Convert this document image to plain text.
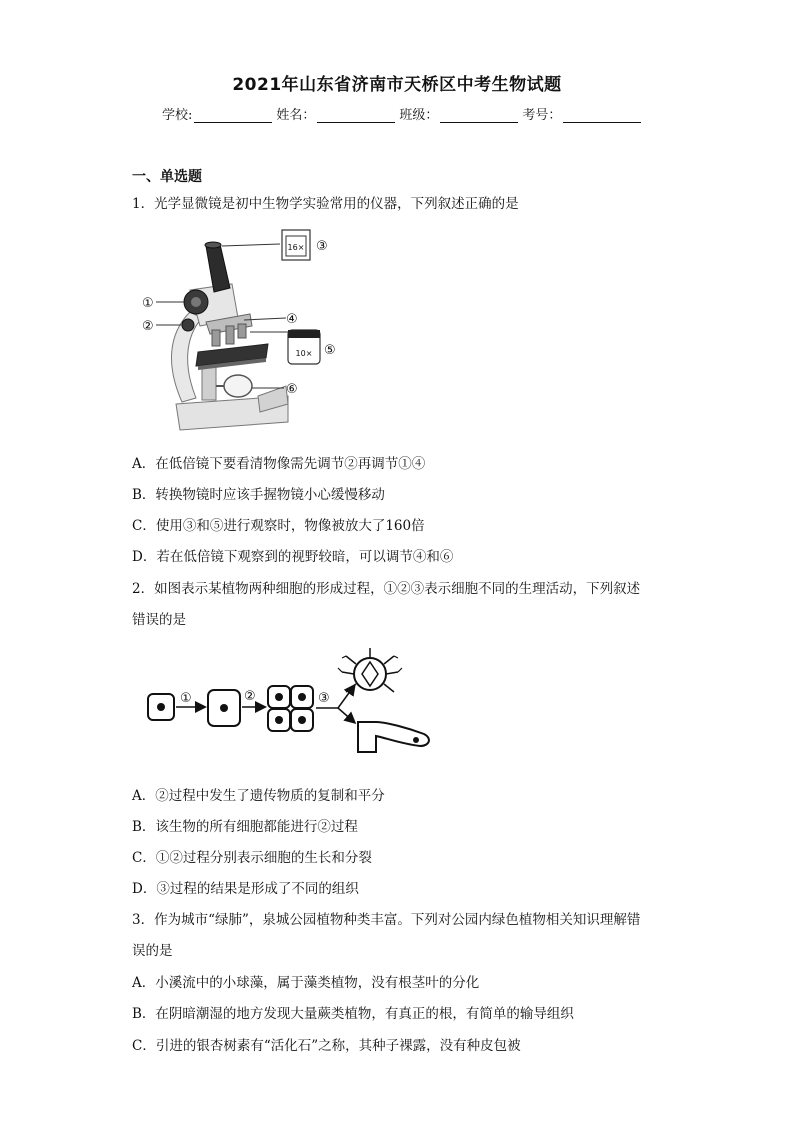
2021年山东省济南市天桥区中考生物试题
学校:	姓名：	班级：	考号：
一、单选题
1．光学显微镜是初中生物学实验常用的仪器，下列叙述正确的是
16×
10×
①
②
③
④
⑤
⑥
A．在低倍镜下要看清物像需先调节②再调节①④
B．转换物镜时应该手握物镜小心缓慢移动
C．使用③和⑤进行观察时，物像被放大了160倍
D．若在低倍镜下观察到的视野较暗，可以调节④和⑥
2．如图表示某植物两种细胞的形成过程，①②③表示细胞不同的生理活动，下列叙述
错误的是
①	②	③
A．②过程中发生了遗传物质的复制和平分
B．该生物的所有细胞都能进行②过程
C．①②过程分别表示细胞的生长和分裂
D．③过程的结果是形成了不同的组织
3．作为城市“绿肺”，泉城公园植物种类丰富。下列对公园内绿色植物相关知识理解错
误的是
A．小溪流中的小球藻，属于藻类植物，没有根茎叶的分化
B．在阴暗潮湿的地方发现大量蕨类植物，有真正的根，有简单的输导组织
C．引进的银杏树素有“活化石”之称，其种子裸露，没有种皮包被
